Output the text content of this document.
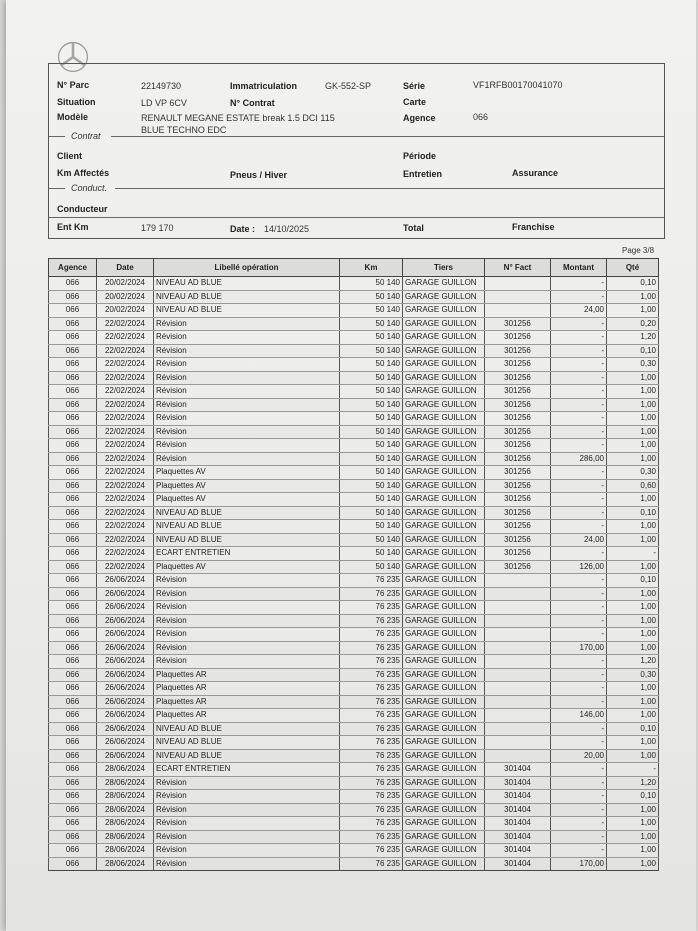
N° Parc	22149730	Immatriculation	GK-552-SP	Série	VF1RFB00170041070
Situation	LD VP 6CV	N° Contrat	Carte
Modèle	RENAULT MEGANE ESTATE break 1.5 DCI 115
BLUE TECHNO EDC
Agence	066
Contrat
Client	Période
Km Affectés	Pneus / Hiver	Entretien	Assurance
Conduct.
Conducteur
Ent Km	179 170	Date : 14/10/2025	Total	Franchise
Page 3/8
Agence	Date	Libellé opération	Km	Tiers	N° Fact	Montant	Qté
066	20/02/2024	NIVEAU AD BLUE	50 140	GARAGE GUILLON		-	0,10
066	20/02/2024	NIVEAU AD BLUE	50 140	GARAGE GUILLON		-	1,00
066	20/02/2024	NIVEAU AD BLUE	50 140	GARAGE GUILLON		24,00	1,00
066	22/02/2024	Révision	50 140	GARAGE GUILLON	301256	-	0,20
066	22/02/2024	Révision	50 140	GARAGE GUILLON	301256	-	1,20
066	22/02/2024	Révision	50 140	GARAGE GUILLON	301256	-	0,10
066	22/02/2024	Révision	50 140	GARAGE GUILLON	301256	-	0,30
066	22/02/2024	Révision	50 140	GARAGE GUILLON	301256	-	1,00
066	22/02/2024	Révision	50 140	GARAGE GUILLON	301256	-	1,00
066	22/02/2024	Révision	50 140	GARAGE GUILLON	301256	-	1,00
066	22/02/2024	Révision	50 140	GARAGE GUILLON	301256	-	1,00
066	22/02/2024	Révision	50 140	GARAGE GUILLON	301256	-	1,00
066	22/02/2024	Révision	50 140	GARAGE GUILLON	301256	-	1,00
066	22/02/2024	Révision	50 140	GARAGE GUILLON	301256	286,00	1,00
066	22/02/2024	Plaquettes AV	50 140	GARAGE GUILLON	301256	-	0,30
066	22/02/2024	Plaquettes AV	50 140	GARAGE GUILLON	301256	-	0,60
066	22/02/2024	Plaquettes AV	50 140	GARAGE GUILLON	301256	-	1,00
066	22/02/2024	NIVEAU AD BLUE	50 140	GARAGE GUILLON	301256	-	0,10
066	22/02/2024	NIVEAU AD BLUE	50 140	GARAGE GUILLON	301256	-	1,00
066	22/02/2024	NIVEAU AD BLUE	50 140	GARAGE GUILLON	301256	24,00	1,00
066	22/02/2024	ECART ENTRETIEN	50 140	GARAGE GUILLON	301256	-	-
066	22/02/2024	Plaquettes AV	50 140	GARAGE GUILLON	301256	126,00	1,00
066	26/06/2024	Révision	76 235	GARAGE GUILLON		-	0,10
066	26/06/2024	Révision	76 235	GARAGE GUILLON		-	1,00
066	26/06/2024	Révision	76 235	GARAGE GUILLON		-	1,00
066	26/06/2024	Révision	76 235	GARAGE GUILLON		-	1,00
066	26/06/2024	Révision	76 235	GARAGE GUILLON		-	1,00
066	26/06/2024	Révision	76 235	GARAGE GUILLON		170,00	1,00
066	26/06/2024	Révision	76 235	GARAGE GUILLON		-	1,20
066	26/06/2024	Plaquettes AR	76 235	GARAGE GUILLON		-	0,30
066	26/06/2024	Plaquettes AR	76 235	GARAGE GUILLON		-	1,00
066	26/06/2024	Plaquettes AR	76 235	GARAGE GUILLON		-	1,00
066	26/06/2024	Plaquettes AR	76 235	GARAGE GUILLON		146,00	1,00
066	26/06/2024	NIVEAU AD BLUE	76 235	GARAGE GUILLON		-	0,10
066	26/06/2024	NIVEAU AD BLUE	76 235	GARAGE GUILLON		-	1,00
066	26/06/2024	NIVEAU AD BLUE	76 235	GARAGE GUILLON		20,00	1,00
066	28/06/2024	ECART ENTRETIEN	76 235	GARAGE GUILLON	301404	-	-
066	28/06/2024	Révision	76 235	GARAGE GUILLON	301404	-	1,20
066	28/06/2024	Révision	76 235	GARAGE GUILLON	301404	-	0,10
066	28/06/2024	Révision	76 235	GARAGE GUILLON	301404	-	1,00
066	28/06/2024	Révision	76 235	GARAGE GUILLON	301404	-	1,00
066	28/06/2024	Révision	76 235	GARAGE GUILLON	301404	-	1,00
066	28/06/2024	Révision	76 235	GARAGE GUILLON	301404	-	1,00
066	28/06/2024	Révision	76 235	GARAGE GUILLON	301404	170,00	1,00
